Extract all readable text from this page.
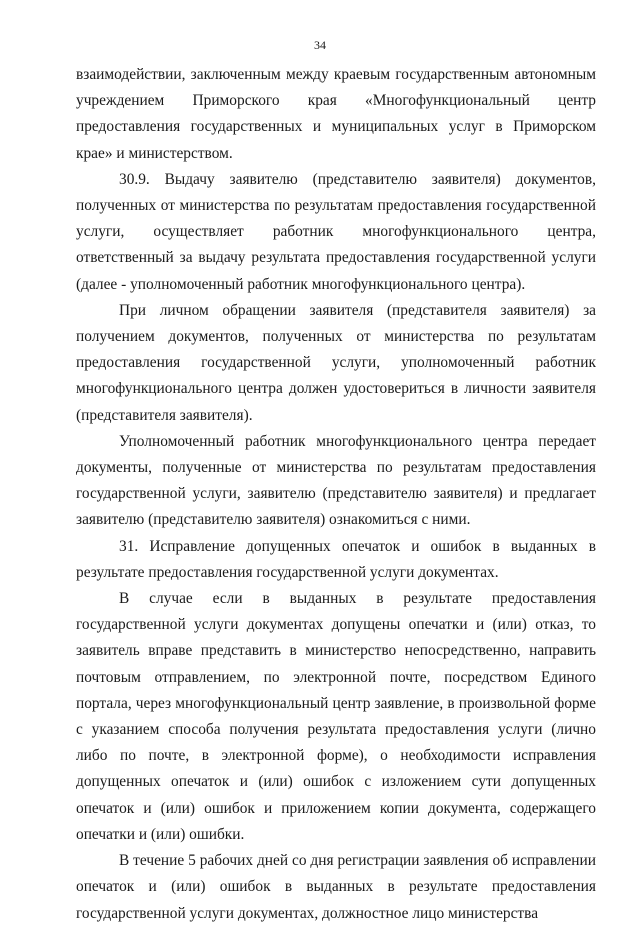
34

взаимодействии, заключенным между краевым государственным автономным учреждением Приморского края «Многофункциональный центр предоставления государственных и муниципальных услуг в Приморском крае» и министерством.

30.9. Выдачу заявителю (представителю заявителя) документов, полученных от министерства по результатам предоставления государственной услуги, осуществляет работник многофункционального центра, ответственный за выдачу результата предоставления государственной услуги (далее - уполномоченный работник многофункционального центра).

При личном обращении заявителя (представителя заявителя) за получением документов, полученных от министерства по результатам предоставления государственной услуги, уполномоченный работник многофункционального центра должен удостовериться в личности заявителя (представителя заявителя).

Уполномоченный работник многофункционального центра передает документы, полученные от министерства по результатам предоставления государственной услуги, заявителю (представителю заявителя) и предлагает заявителю (представителю заявителя) ознакомиться с ними.

31. Исправление допущенных опечаток и ошибок в выданных в результате предоставления государственной услуги документах.

В случае если в выданных в результате предоставления государственной услуги документах допущены опечатки и (или) отказ, то заявитель вправе представить в министерство непосредственно, направить почтовым отправлением, по электронной почте, посредством Единого портала, через многофункциональный центр заявление, в произвольной форме с указанием способа получения результата предоставления услуги (лично либо по почте, в электронной форме), о необходимости исправления допущенных опечаток и (или) ошибок с изложением сути допущенных опечаток и (или) ошибок и приложением копии документа, содержащего опечатки и (или) ошибки.

В течение 5 рабочих дней со дня регистрации заявления об исправлении опечаток и (или) ошибок в выданных в результате предоставления государственной услуги документах, должностное лицо министерства
